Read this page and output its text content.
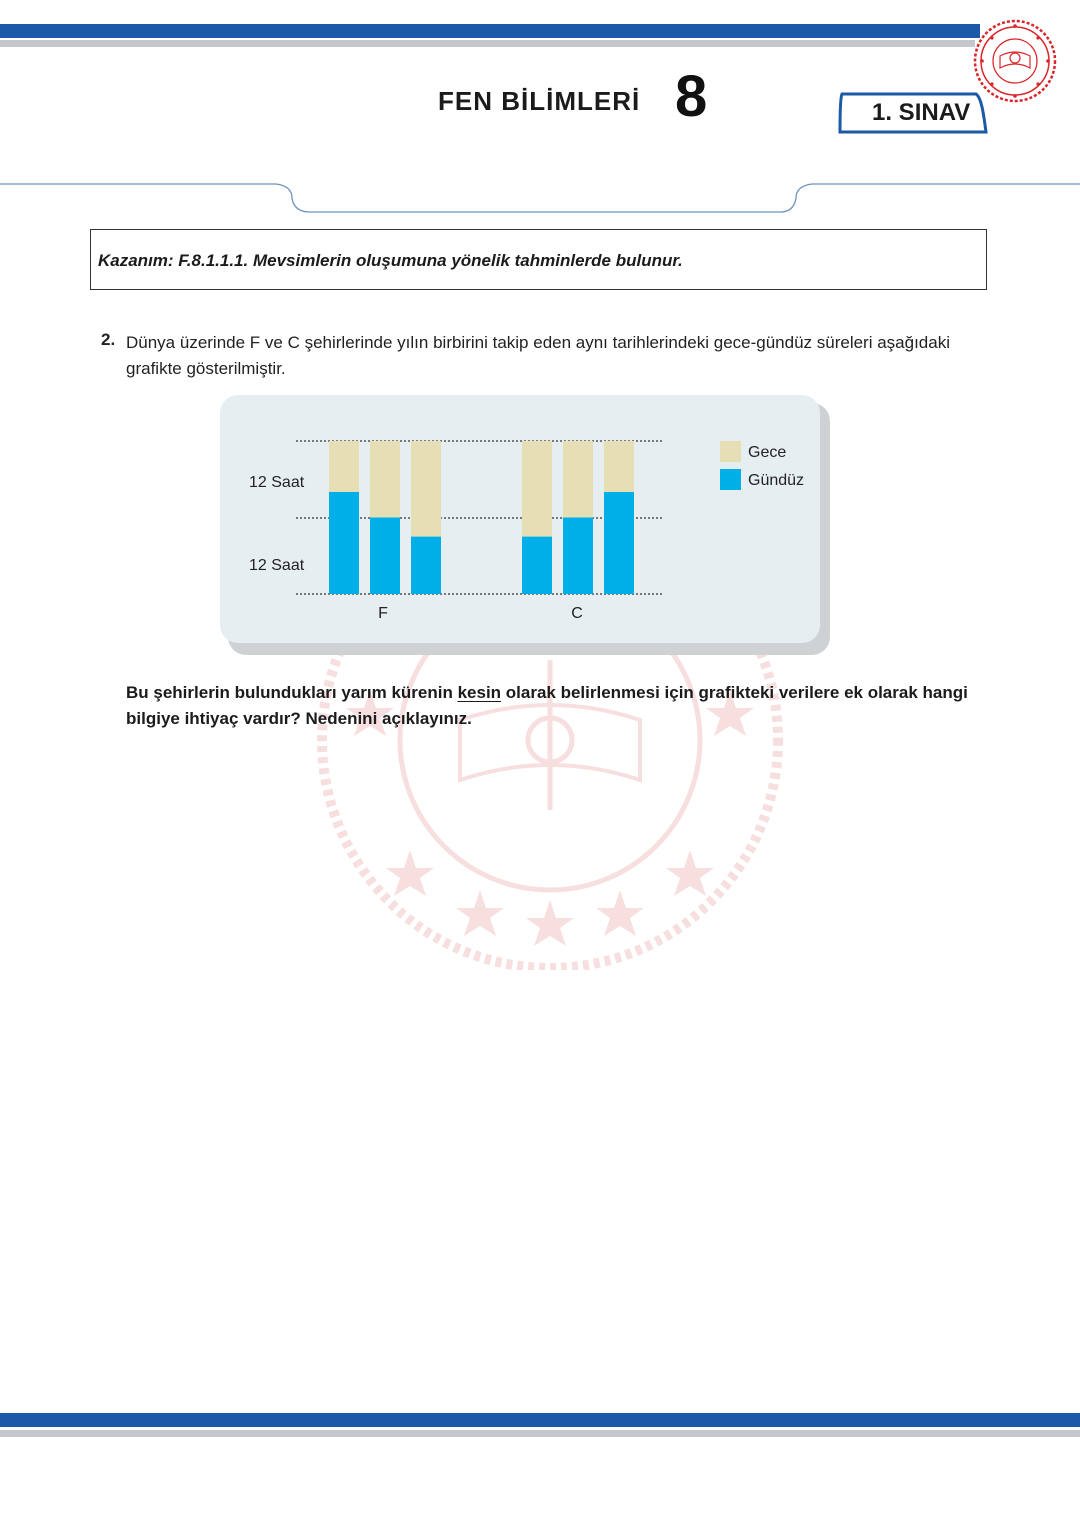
FEN BİLİMLERİ 8	1. SINAV
Kazanım: F.8.1.1.1. Mevsimlerin oluşumuna yönelik tahminlerde bulunur.
2. Dünya üzerinde F ve C şehirlerinde yılın birbirini takip eden aynı tarihlerindeki gece-gündüz süreleri aşağıdaki grafikte gösterilmiştir.
12 Saat
12 Saat
F	C
Gece
Gündüz
Bu şehirlerin bulundukları yarım kürenin kesin olarak belirlenmesi için grafikteki verilere ek olarak hangi bilgiye ihtiyaç vardır? Nedenini açıklayınız.
